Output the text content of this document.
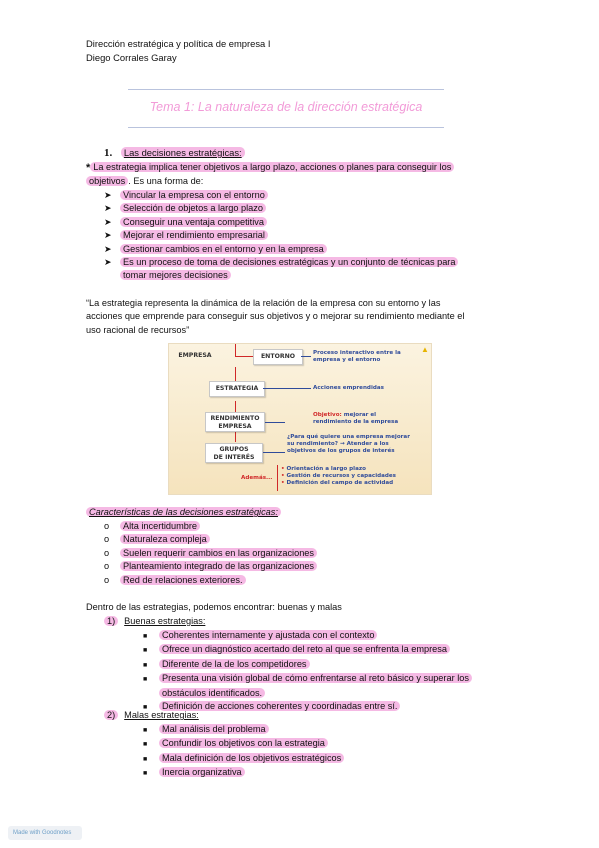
Dirección estratégica y política de empresa I
Diego Corrales Garay
Tema 1: La naturaleza de la dirección estratégica
1. Las decisiones estratégicas:
* La estrategia implica tener objetivos a largo plazo, acciones o planes para conseguir los
objetivos . Es una forma de:
➤ Vincular la empresa con el entorno
➤ Selección de objetos a largo plazo
➤ Conseguir una ventaja competitiva
➤ Mejorar el rendimiento empresarial
➤ Gestionar cambios en el entorno y en la empresa
➤ Es un proceso de toma de decisiones estratégicas y un conjunto de técnicas para
tomar mejores decisiones
“La estrategia representa la dinámica de la relación de la empresa con su entorno y las
acciones que emprende para conseguir sus objetivos y o mejorar su rendimiento mediante el
uso racional de recursos”
EMPRESA	ENTORNO	Proceso interactivo entre la
empresa y el entorno
▲
ESTRATEGIA	Acciones emprendidas
RENDIMIENTO
EMPRESA
Objetivo: mejorar el
rendimiento de la empresa
GRUPOS
DE INTERÉS
¿Para qué quiere una empresa mejorar
su rendimiento? → Atender a los
objetivos de los grupos de interés
Además...
• Orientación a largo plazo
• Gestión de recursos y capacidades
• Definición del campo de actividad
Características de las decisiones estratégicas:
o Alta incertidumbre
o Naturaleza compleja
o Suelen requerir cambios en las organizaciones
o Planteamiento integrado de las organizaciones
o Red de relaciones exteriores.
Dentro de las estrategias, podemos encontrar: buenas y malas
1) Buenas estrategias:
■ Coherentes internamente y ajustada con el contexto
■ Ofrece un diagnóstico acertado del reto al que se enfrenta la empresa
■ Diferente de la de los competidores
■ Presenta una visión global de cómo enfrentarse al reto básico y superar los
obstáculos identificados.
■ Definición de acciones coherentes y coordinadas entre sí.
2) Malas estrategias:
■ Mal análisis del problema
■ Confundir los objetivos con la estrategia
■ Mala definición de los objetivos estratégicos
■ Inercia organizativa
Made with Goodnotes
